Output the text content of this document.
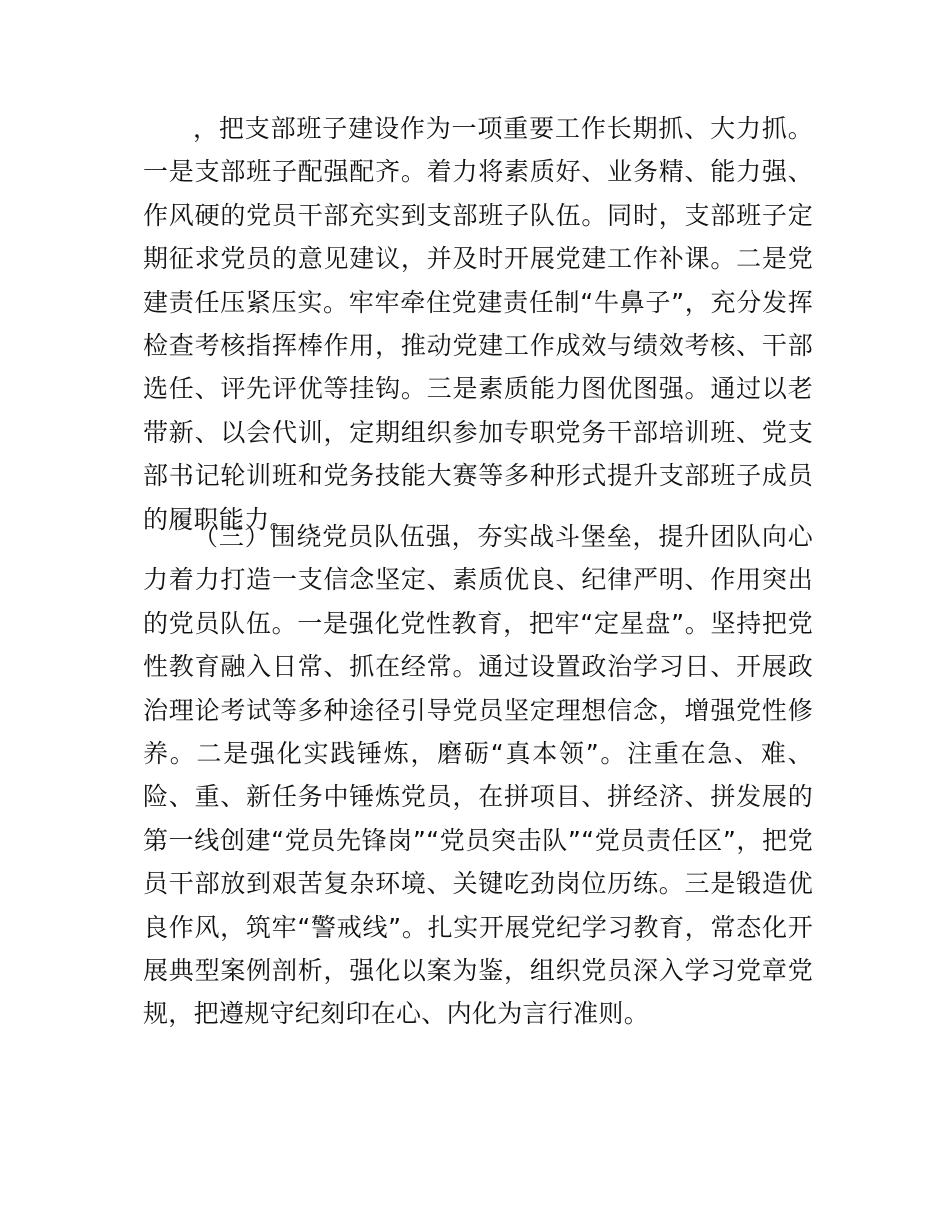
，把支部班子建设作为一项重要工作长期抓、大力抓。一是支部班子配强配齐。着力将素质好、业务精、能力强、作风硬的党员干部充实到支部班子队伍。同时，支部班子定期征求党员的意见建议，并及时开展党建工作补课。二是党建责任压紧压实。牢牢牵住党建责任制“牛鼻子”，充分发挥检查考核指挥棒作用，推动党建工作成效与绩效考核、干部选任、评先评优等挂钩。三是素质能力图优图强。通过以老带新、以会代训，定期组织参加专职党务干部培训班、党支部书记轮训班和党务技能大赛等多种形式提升支部班子成员的履职能力。

（三）围绕党员队伍强，夯实战斗堡垒，提升团队向心力着力打造一支信念坚定、素质优良、纪律严明、作用突出的党员队伍。一是强化党性教育，把牢“定星盘”。坚持把党性教育融入日常、抓在经常。通过设置政治学习日、开展政治理论考试等多种途径引导党员坚定理想信念，增强党性修养。二是强化实践锤炼，磨砺“真本领”。注重在急、难、险、重、新任务中锤炼党员，在拼项目、拼经济、拼发展的第一线创建“党员先锋岗”“党员突击队”“党员责任区”，把党员干部放到艰苦复杂环境、关键吃劲岗位历练。三是锻造优良作风，筑牢“警戒线”。扎实开展党纪学习教育，常态化开展典型案例剖析，强化以案为鉴，组织党员深入学习党章党规，把遵规守纪刻印在心、内化为言行准则。
